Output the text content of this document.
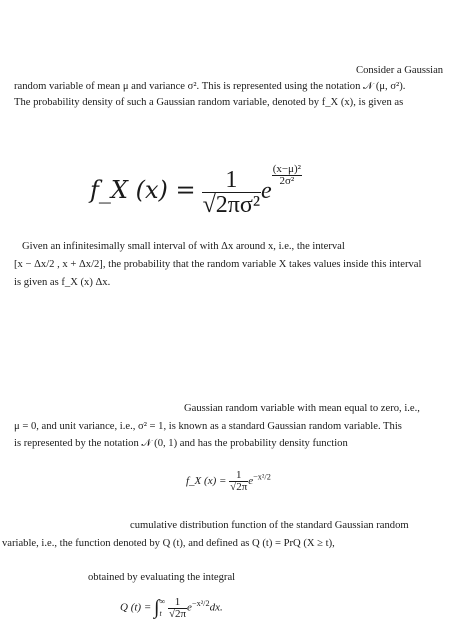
Consider a Gaussian
random variable of mean μ and variance σ². This is represented using the notation 𝒩 (μ, σ²).
The probability density of such a Gaussian random variable, denoted by f_X (x), is given as
f_X $(x) = \frac{1}{\text{√2πσ²}}$ e
$\frac{\text{(x−μ)²}}{\text{2σ²}}$
Given an infinitesimally small interval of with Δx around x, i.e., the interval
[x − Δx/2 , x + Δx/2], the probability that the random variable X takes values inside this interval
is given as f_X (x) Δx.
Gaussian random variable with mean equal to zero, i.e.,
μ = 0, and unit variance, i.e., σ² = 1, is known as a standard Gaussian random variable. This
is represented by the notation 𝒩 (0, 1) and has the probability density function
f_X $(x) = \frac{1}{√2\pi} e^{-x^2/2}$
cumulative distribution function of the standard Gaussian random
variable, i.e., the function denoted by Q (t), and defined as Q (t) = PrQ (X ≥ t),
obtained by evaluating the integral
Q (t) = ∫ ∞
t
$\frac{1}{√2\pi} e^{-x^2/2}dx$.
